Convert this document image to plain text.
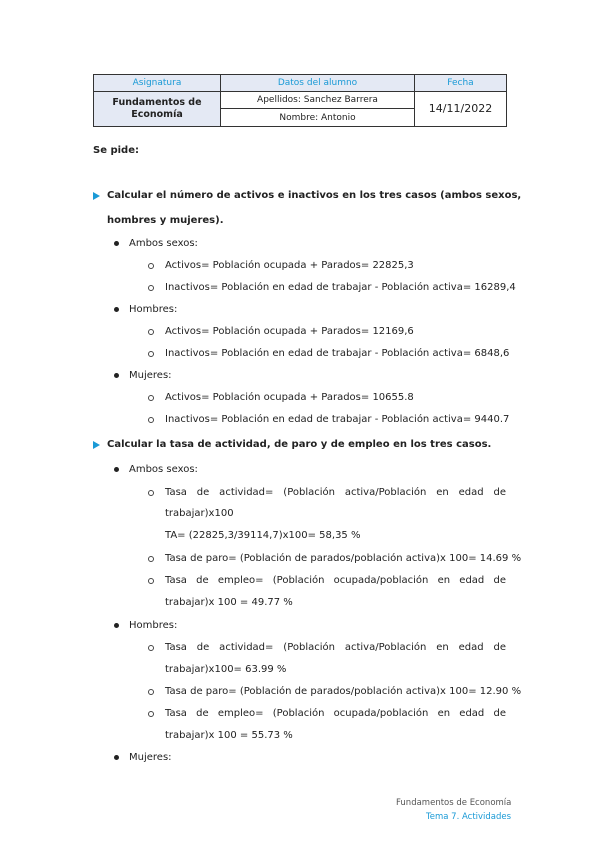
Asignatura	Datos del alumno	Fecha
Fundamentos de Economía	Apellidos: Sanchez Barrera	14/11/2022
	Nombre: Antonio	
Se pide:
Calcular el número de activos e inactivos en los tres casos (ambos sexos,
hombres y mujeres).
Ambos sexos:
Activos= Población ocupada + Parados= 22825,3
Inactivos= Población en edad de trabajar - Población activa= 16289,4
Hombres:
Activos= Población ocupada + Parados= 12169,6
Inactivos= Población en edad de trabajar - Población activa= 6848,6
Mujeres:
Activos= Población ocupada + Parados= 10655.8
Inactivos= Población en edad de trabajar - Población activa= 9440.7
Calcular la tasa de actividad, de paro y de empleo en los tres casos.
Ambos sexos:
Tasa de actividad= (Población activa/Población en edad de
trabajar)x100
TA= (22825,3/39114,7)x100= 58,35 %
Tasa de paro= (Población de parados/población activa)x 100= 14.69 %
Tasa de empleo= (Población ocupada/población en edad de
trabajar)x 100 = 49.77 %
Hombres:
Tasa de actividad= (Población activa/Población en edad de
trabajar)x100= 63.99 %
Tasa de paro= (Población de parados/población activa)x 100= 12.90 %
Tasa de empleo= (Población ocupada/población en edad de
trabajar)x 100 = 55.73 %
Mujeres:
Fundamentos de Economía
Tema 7. Actividades
